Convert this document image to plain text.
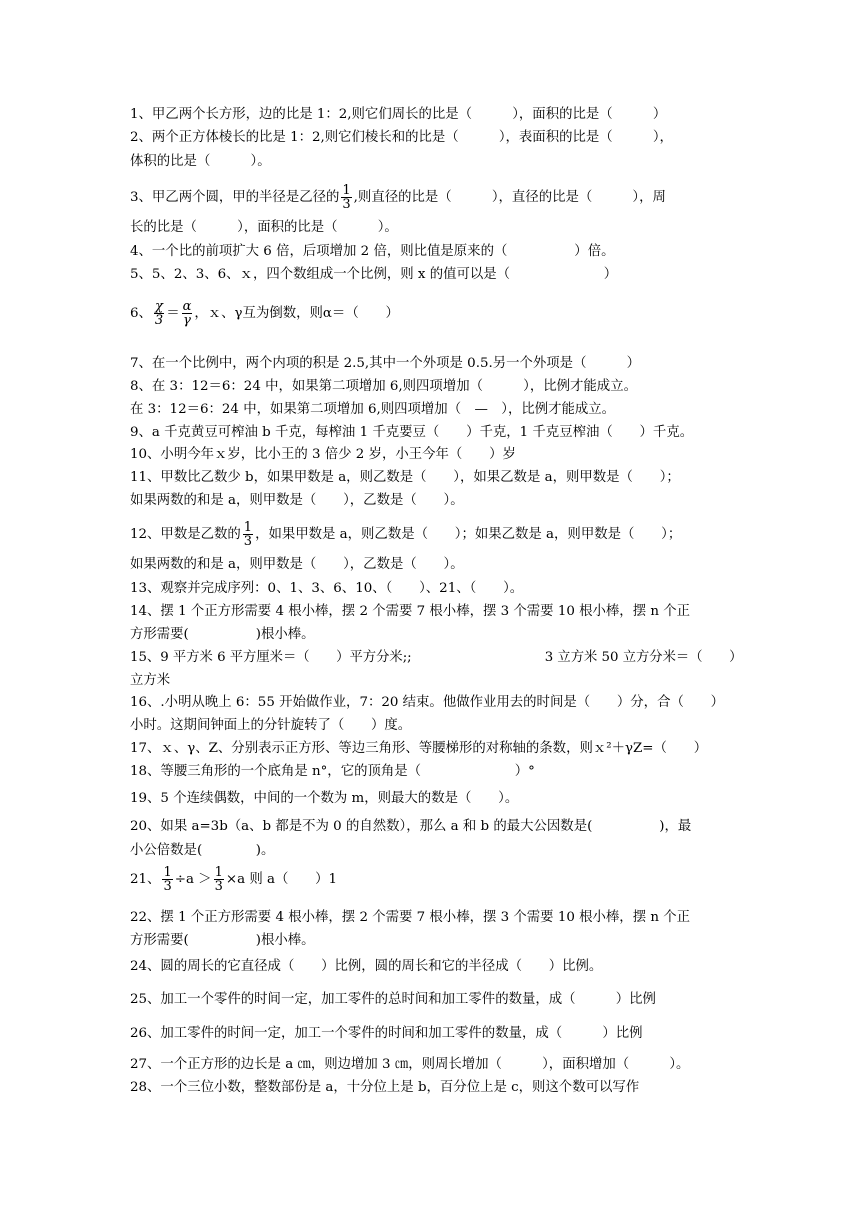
1、甲乙两个长方形，边的比是 1：2,则它们周长的比是（　　　），面积的比是（　　　）
2、两个正方体棱长的比是 1：2,则它们棱长和的比是（　　　），表面积的比是（　　　），
体积的比是（　　　）。
3、甲乙两个圆，甲的半径是乙径的 $\frac{1}{3}$ ,则直径的比是（　　　），直径的比是（　　　），周
长的比是（　　　），面积的比是（　　　）。
4、一个比的前项扩大 6 倍，后项增加 2 倍，则比值是原来的（　　　　　）倍。
5、5、2、3、6、ｘ，四个数组成一个比例，则 x 的值可以是（　　　　　　　）
6、 $\frac{\chi}{3} = \frac{\alpha}{\gamma}$ ，ｘ、γ互为倒数，则α＝（　　）
7、在一个比例中，两个内项的积是 2.5,其中一个外项是 0.5.另一个外项是（　　　）
8、在 3：12＝6：24 中，如果第二项增加 6,则四项增加（　　　），比例才能成立。
在 3：12＝6：24 中，如果第二项增加 6,则四项增加（　—　），比例才能成立。
9、a 千克黄豆可榨油 b 千克，每榨油 1 千克要豆（　　）千克，1 千克豆榨油（　　）千克。
10、小明今年ｘ岁，比小王的 3 倍少 2 岁，小王今年（　　）岁
11、甲数比乙数少 b，如果甲数是 a，则乙数是（　　），如果乙数是 a，则甲数是（　　）；
如果两数的和是 a，则甲数是（　　），乙数是（　　）。
12、甲数是乙数的 $\frac{1}{3}$ ，如果甲数是 a，则乙数是（　　）；如果乙数是 a，则甲数是（　　）；
如果两数的和是 a，则甲数是（　　），乙数是（　　）。
13、观察并完成序列：0、1、3、6、10、（　　）、21、（　　）。
14、摆 1 个正方形需要 4 根小棒，摆 2 个需要 7 根小棒，摆 3 个需要 10 根小棒，摆 n 个正
方形需要(　　　　　)根小棒。
15、9 平方米 6 平方厘米＝（　　）平方分米;;　　　　　　　　　　3 立方米 50 立方分米＝（　　）
立方米
16、.小明从晚上 6：55 开始做作业，7：20 结束。他做作业用去的时间是（　　）分，合（　　）
小时。这期间钟面上的分针旋转了（　　）度。
17、ｘ、γ、Z、分别表示正方形、等边三角形、等腰梯形的对称轴的条数，则ｘ²＋γZ=（　　）
18、等腰三角形的一个底角是 n°，它的顶角是（　　　　　　　）°
19、5 个连续偶数，中间的一个数为 m，则最大的数是（　　）。
20、如果 a=3b（a、b 都是不为 0 的自然数），那么 a 和 b 的最大公因数是(　　　　　)，最
小公倍数是(　　　　)。
21、 $\frac{1}{3} \div a > \frac{1}{3} \times a$ 则 a（　　）1
22、摆 1 个正方形需要 4 根小棒，摆 2 个需要 7 根小棒，摆 3 个需要 10 根小棒，摆 n 个正
方形需要(　　　　　)根小棒。
24、圆的周长的它直径成（　　）比例，圆的周长和它的半径成（　　）比例。
25、加工一个零件的时间一定，加工零件的总时间和加工零件的数量，成（　　　）比例
26、加工零件的时间一定，加工一个零件的时间和加工零件的数量，成（　　　）比例
27、一个正方形的边长是 a ㎝，则边增加 3 ㎝，则周长增加（　　　），面积增加（　　　）。
28、一个三位小数，整数部份是 a，十分位上是 b，百分位上是 c，则这个数可以写作
